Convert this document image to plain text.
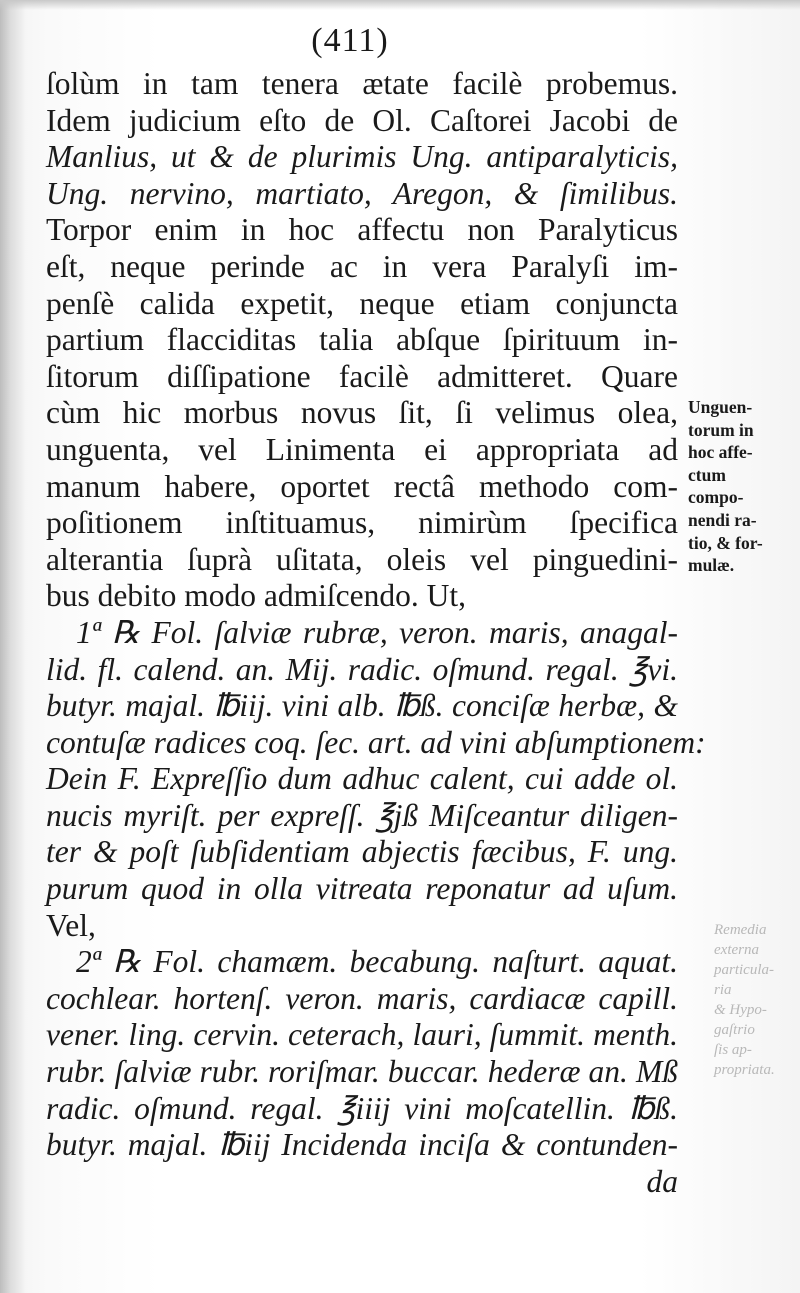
(411)
ſolùm in tam tenera ætate facilè probemus.
Idem judicium eſto de Ol. Caſtorei Jacobi de
Manlius, ut & de plurimis Ung. antiparalyticis,
Ung. nervino, martiato, Aregon, & ſimilibus.
Torpor enim in hoc affectu non Paralyticus
eſt, neque perinde ac in vera Paralyſi im-
penſè calida expetit, neque etiam conjuncta
partium flacciditas talia abſque ſpirituum in-
ſitorum diſſipatione facilè admitteret. Quare
cùm hic morbus novus ſit, ſi velimus olea,
unguenta, vel Linimenta ei appropriata ad
manum habere, oportet rectâ methodo com-
poſitionem inſtituamus, nimirùm ſpecifica
alterantia ſuprà uſitata, oleis vel pinguedini-
bus debito modo admiſcendo. Ut,
1ª ℞ Fol. ſalviæ rubræ, veron. maris, anagal-
lid. fl. calend. an. Mij. radic. oſmund. regal. ℥vi.
butyr. majal. ℔iij. vini alb. ℔ß. conciſæ herbæ, &
contuſæ radices coq. ſec. art. ad vini abſumptionem:
Dein F. Expreſſio dum adhuc calent, cui adde ol.
nucis myriſt. per expreſſ. ℥jß Miſceantur diligen-
ter & poſt ſubſidentiam abjectis fæcibus, F. ung.
purum quod in olla vitreata reponatur ad uſum.
Vel,
2ª ℞ Fol. chamæm. becabung. naſturt. aquat.
cochlear. hortenſ. veron. maris, cardiacæ capill.
vener. ling. cervin. ceterach, lauri, ſummit. menth.
rubr. ſalviæ rubr. roriſmar. buccar. hederæ an. Mß
radic. oſmund. regal. ℥iiij vini moſcatellin. ℔ß.
butyr. majal. ℔iij Incidenda inciſa & contunden-
da
Unguen-
torum in
hoc affe-
ctum
compo-
nendi ra-
tio, & for-
mulæ.
Remedia
externa
particula-
ria
& Hypo-
gaſtrio
ſis ap-
propriata.
